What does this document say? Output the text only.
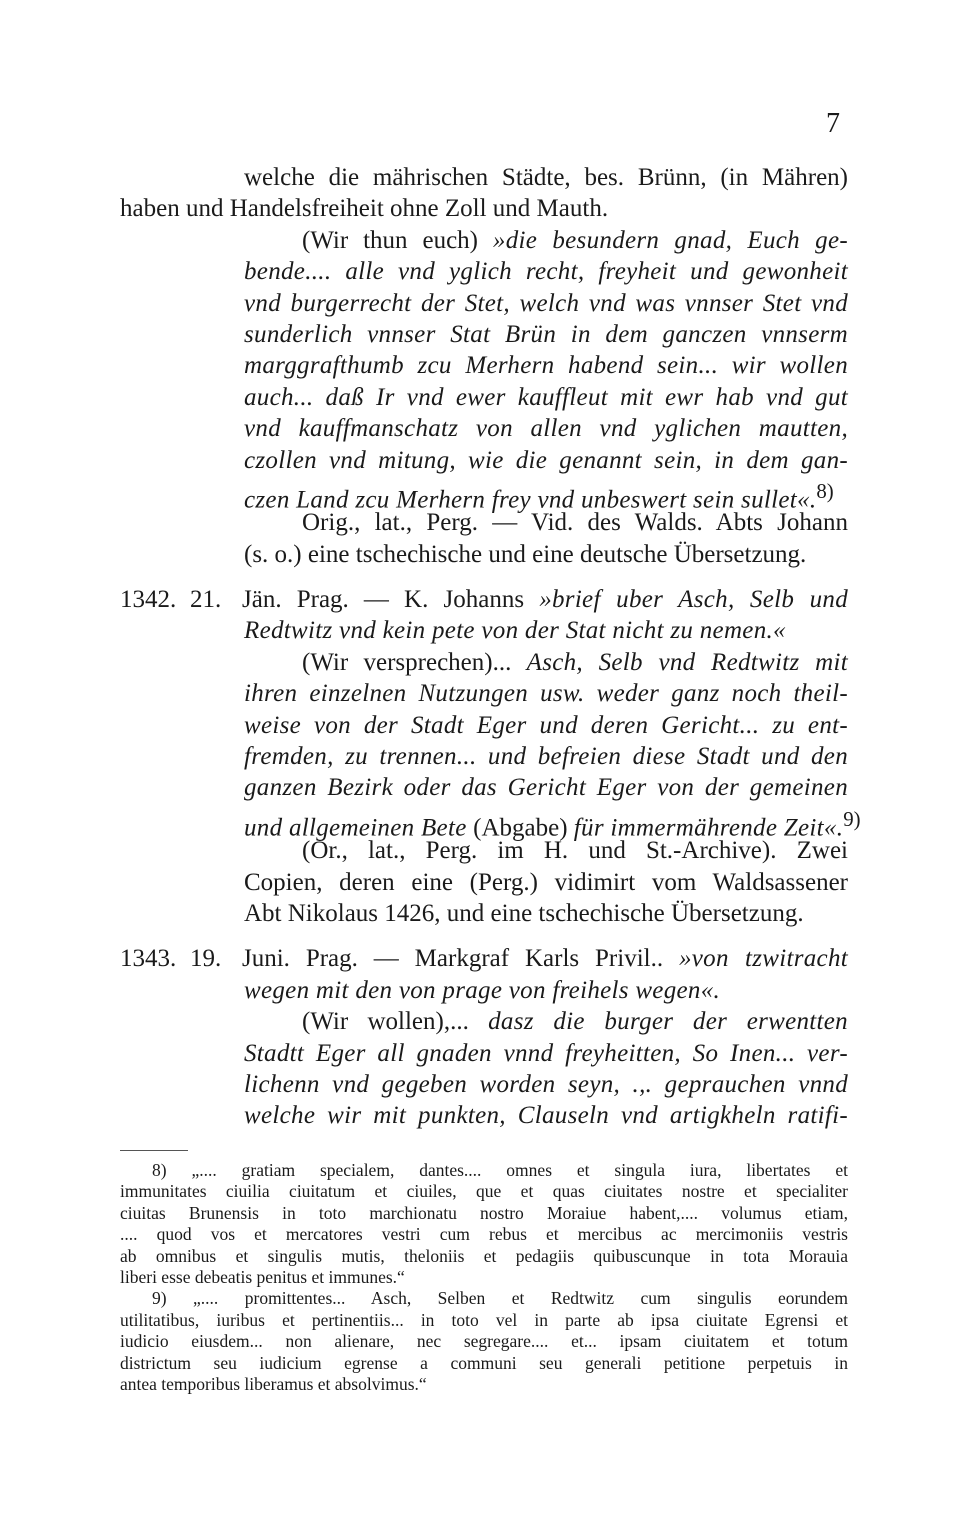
7

welche die mährischen Städte, bes. Brünn, (in Mähren)

haben und Handelsfreiheit ohne Zoll und Mauth.

(Wir thun euch) »die besundern gnad, Euch ge-

bende.... alle vnd yglich recht, freyheit und gewonheit

vnd burgerrecht der Stet, welch vnd was vnnser Stet vnd

sunderlich vnnser Stat Brün in dem ganczen vnnserm

marggrafthumb zcu Merhern habend sein... wir wollen

auch... daß Ir vnd ewer kauffleut mit ewr hab vnd gut

vnd kauffmanschatz von allen vnd yglichen mautten,

czollen vnd mitung, wie die genannt sein, in dem gan-

czen Land zcu Merhern frey vnd unbeswert sein sullet«.$^{8)}$

Orig., lat., Perg. — Vid. des Walds. Abts Johann

(s. o.) eine tschechische und eine deutsche Übersetzung.

1342. 21. Jän. Prag. — K. Johanns »brief uber Asch, Selb und

Redtwitz vnd kein pete von der Stat nicht zu nemen.«

(Wir versprechen)... Asch, Selb vnd Redtwitz mit

ihren einzelnen Nutzungen usw. weder ganz noch theil-

weise von der Stadt Eger und deren Gericht... zu ent-

fremden, zu trennen... und befreien diese Stadt und den

ganzen Bezirk oder das Gericht Eger von der gemeinen

und allgemeinen Bete (Abgabe) für immermährende Zeit«.$^{9)}$

(Or., lat., Perg. im H. und St.-Archive). Zwei

Copien, deren eine (Perg.) vidimirt vom Waldsassener

Abt Nikolaus 1426, und eine tschechische Übersetzung.

1343. 19. Juni. Prag. — Markgraf Karls Privil.. »von tzwitracht

wegen mit den von prage von freihels wegen«.

(Wir wollen),... dasz die burger der erwentten

Stadtt Eger all gnaden vnnd freyheitten, So Inen... ver-

lichenn vnd gegeben worden seyn, .,. geprauchen vnnd

welche wir mit punkten, Clauseln vnd artigkheln ratifi-

8) „.... gratiam specialem, dantes.... omnes et singula iura, libertates et

immunitates ciuilia ciuitatum et ciuiles, que et quas ciuitates nostre et specialiter

ciuitas Brunensis in toto marchionatu nostro Moraiue habent,.... volumus etiam,

.... quod vos et mercatores vestri cum rebus et mercibus ac mercimoniis vestris

ab omnibus et singulis mutis, theloniis et pedagiis quibuscunque in tota Morauia

liberi esse debeatis penitus et immunes.“

9) „.... promittentes... Asch, Selben et Redtwitz cum singulis eorundem

utilitatibus, iuribus et pertinentiis... in toto vel in parte ab ipsa ciuitate Egrensi et

iudicio eiusdem... non alienare, nec segregare.... et... ipsam ciuitatem et totum

districtum seu iudicium egrense a communi seu generali petitione perpetuis in

antea temporibus liberamus et absolvimus.“
